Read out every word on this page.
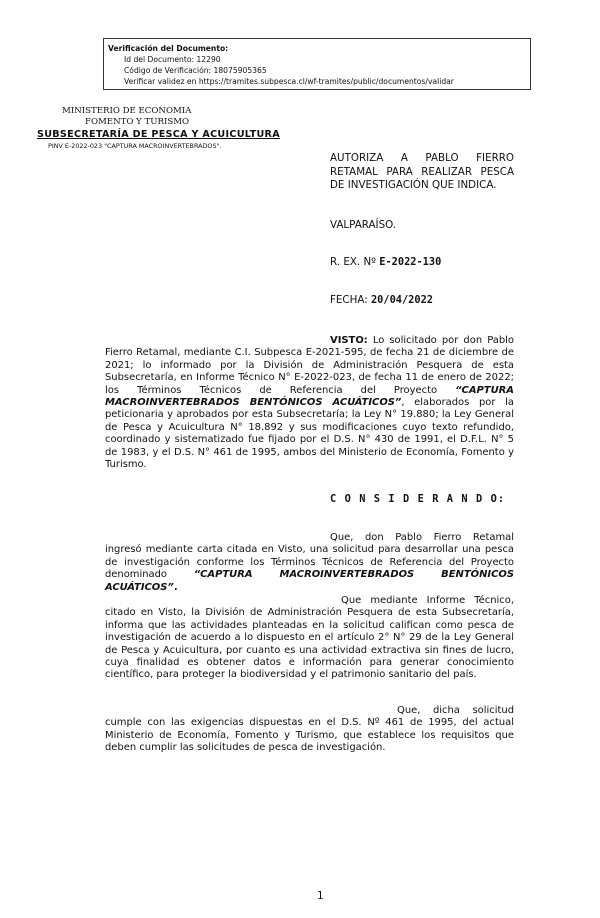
Verificación del Documento:
• Id del Documento: 12290
• Código de Verificación: 18075905365
• Verificar validez en https://tramites.subpesca.cl/wf-tramites/public/documentos/validar
MINISTERIO DE ECONOMIA
FOMENTO Y TURISMO
SUBSECRETARÍA DE PESCA Y ACUICULTURA
PINV E-2022-023 "CAPTURA MACROINVERTEBRADOS".
AUTORIZA A PABLO FIERRO RETAMAL PARA REALIZAR PESCA DE INVESTIGACIÓN QUE INDICA.
VALPARAÍSO.
R. EX. Nº E-2022-130
FECHA: 20/04/2022

VISTO: Lo solicitado por don Pablo Fierro Retamal, mediante C.I. Subpesca E-2021-595, de fecha 21 de diciembre de 2021; lo informado por la División de Administración Pesquera de esta Subsecretaría, en Informe Técnico N° E-2022-023, de fecha 11 de enero de 2022; los Términos Técnicos de Referencia del Proyecto “CAPTURA MACROINVERTEBRADOS BENTÓNICOS ACUÁTICOS”, elaborados por la peticionaria y aprobados por esta Subsecretaría; la Ley N° 19.880; la Ley General de Pesca y Acuicultura N° 18.892 y sus modificaciones cuyo texto refundido, coordinado y sistematizado fue fijado por el D.S. N° 430 de 1991, el D.F.L. N° 5 de 1983, y el D.S. N° 461 de 1995, ambos del Ministerio de Economía, Fomento y Turismo.

C O N S I D E R A N D O:

Que, don Pablo Fierro Retamal ingresó mediante carta citada en Visto, una solicitud para desarrollar una pesca de investigación conforme los Términos Técnicos de Referencia del Proyecto denominado “CAPTURA MACROINVERTEBRADOS BENTÓNICOS ACUÁTICOS”.

Que mediante Informe Técnico, citado en Visto, la División de Administración Pesquera de esta Subsecretaría, informa que las actividades planteadas en la solicitud califican como pesca de investigación de acuerdo a lo dispuesto en el artículo 2° N° 29 de la Ley General de Pesca y Acuicultura, por cuanto es una actividad extractiva sin fines de lucro, cuya finalidad es obtener datos e información para generar conocimiento científico, para proteger la biodiversidad y el patrimonio sanitario del país.

Que, dicha solicitud cumple con las exigencias dispuestas en el D.S. Nº 461 de 1995, del actual Ministerio de Economía, Fomento y Turismo, que establece los requisitos que deben cumplir las solicitudes de pesca de investigación.

1
